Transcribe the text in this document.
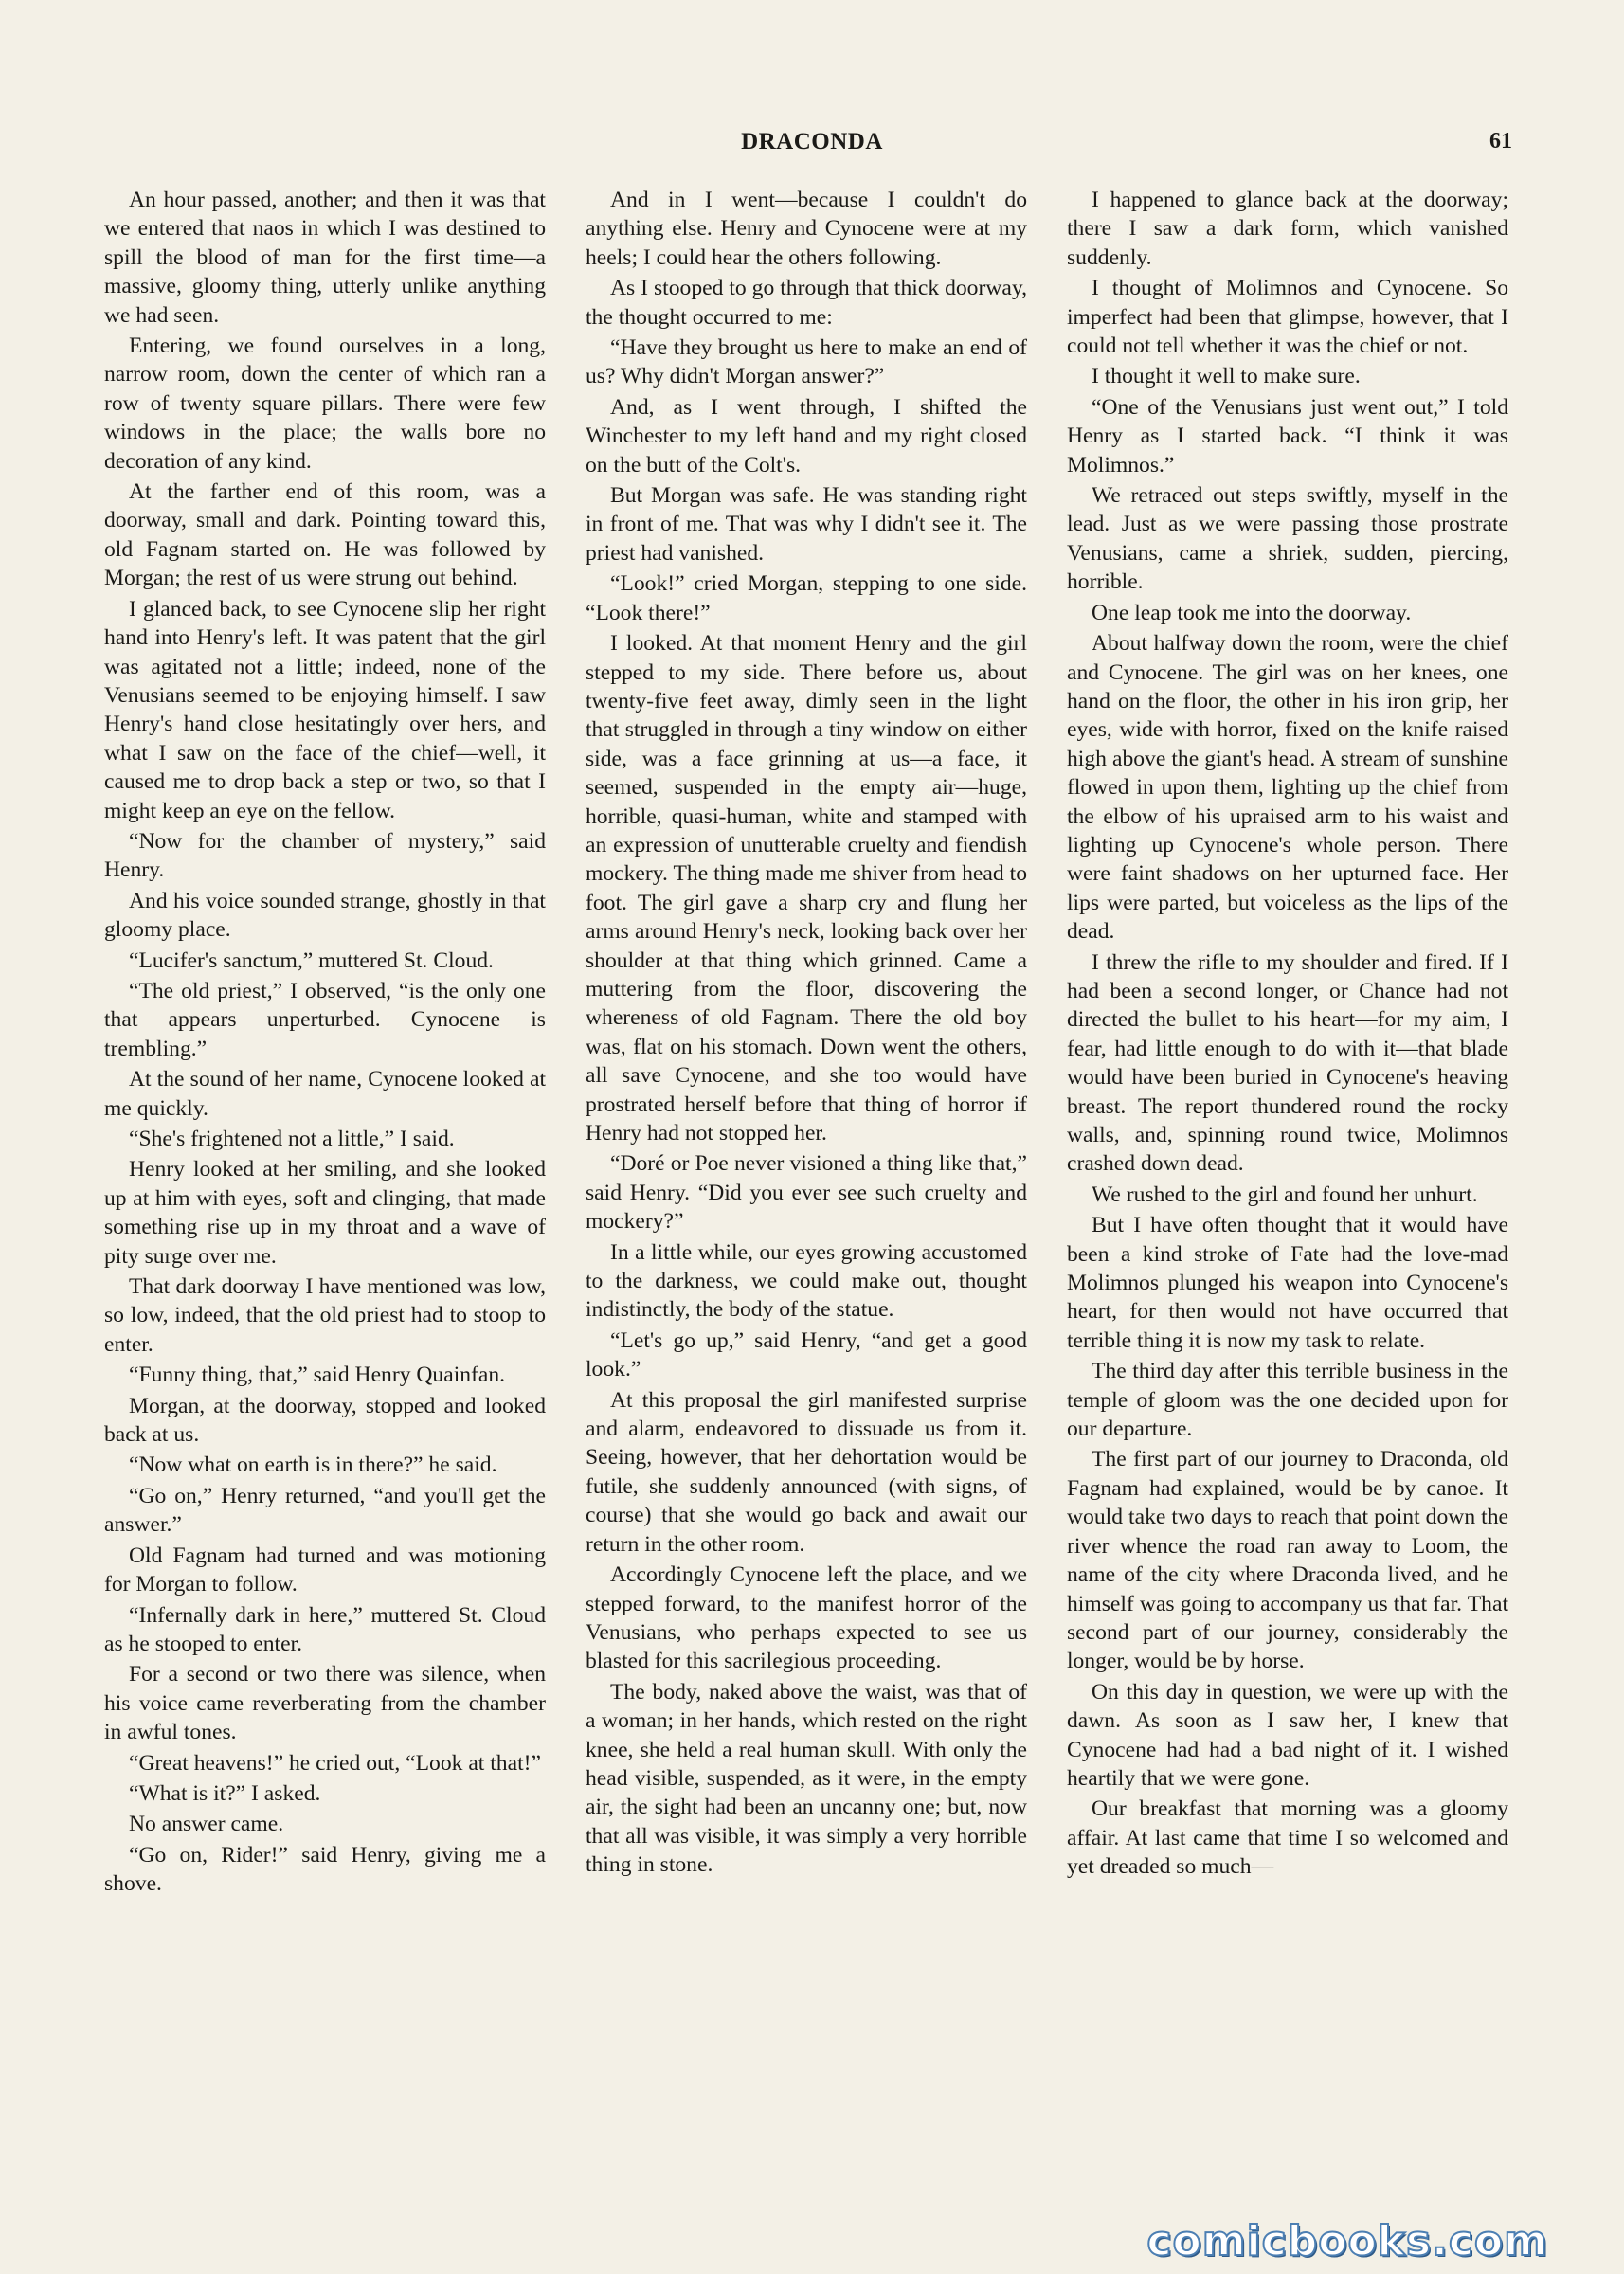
DRACONDA	61

An hour passed, another; and then it was that we entered that naos in which I was destined to spill the blood of man for the first time—a massive, gloomy thing, utterly unlike anything we had seen.

Entering, we found ourselves in a long, narrow room, down the center of which ran a row of twenty square pillars. There were few windows in the place; the walls bore no decoration of any kind.

At the farther end of this room, was a doorway, small and dark. Pointing toward this, old Fagnam started on. He was followed by Morgan; the rest of us were strung out behind.

I glanced back, to see Cynocene slip her right hand into Henry's left. It was patent that the girl was agitated not a little; indeed, none of the Venusians seemed to be enjoying himself. I saw Henry's hand close hesitatingly over hers, and what I saw on the face of the chief—well, it caused me to drop back a step or two, so that I might keep an eye on the fellow.

“Now for the chamber of mystery,” said Henry.

And his voice sounded strange, ghostly in that gloomy place.

“Lucifer's sanctum,” muttered St. Cloud.

“The old priest,” I observed, “is the only one that appears unperturbed. Cynocene is trembling.”

At the sound of her name, Cynocene looked at me quickly.

“She's frightened not a little,” I said.

Henry looked at her smiling, and she looked up at him with eyes, soft and clinging, that made something rise up in my throat and a wave of pity surge over me.

That dark doorway I have mentioned was low, so low, indeed, that the old priest had to stoop to enter.

“Funny thing, that,” said Henry Quainfan.

Morgan, at the doorway, stopped and looked back at us.

“Now what on earth is in there?” he said.

“Go on,” Henry returned, “and you'll get the answer.”

Old Fagnam had turned and was motioning for Morgan to follow.

“Infernally dark in here,” muttered St. Cloud as he stooped to enter.

For a second or two there was silence, when his voice came reverberating from the chamber in awful tones.

“Great heavens!” he cried out, “Look at that!”

“What is it?” I asked.

No answer came.

“Go on, Rider!” said Henry, giving me a shove.

And in I went—because I couldn't do anything else. Henry and Cynocene were at my heels; I could hear the others following.

As I stooped to go through that thick doorway, the thought occurred to me:

“Have they brought us here to make an end of us? Why didn't Morgan answer?”

And, as I went through, I shifted the Winchester to my left hand and my right closed on the butt of the Colt's.

But Morgan was safe. He was standing right in front of me. That was why I didn't see it. The priest had vanished.

“Look!” cried Morgan, stepping to one side. “Look there!”

I looked. At that moment Henry and the girl stepped to my side. There before us, about twenty-five feet away, dimly seen in the light that struggled in through a tiny window on either side, was a face grinning at us—a face, it seemed, suspended in the empty air—huge, horrible, quasi-human, white and stamped with an expression of unutterable cruelty and fiendish mockery. The thing made me shiver from head to foot. The girl gave a sharp cry and flung her arms around Henry's neck, looking back over her shoulder at that thing which grinned. Came a muttering from the floor, discovering the whereness of old Fagnam. There the old boy was, flat on his stomach. Down went the others, all save Cynocene, and she too would have prostrated herself before that thing of horror if Henry had not stopped her.

“Doré or Poe never visioned a thing like that,” said Henry. “Did you ever see such cruelty and mockery?”

In a little while, our eyes growing accustomed to the darkness, we could make out, thought indistinctly, the body of the statue.

“Let's go up,” said Henry, “and get a good look.”

At this proposal the girl manifested surprise and alarm, endeavored to dissuade us from it. Seeing, however, that her dehortation would be futile, she suddenly announced (with signs, of course) that she would go back and await our return in the other room.

Accordingly Cynocene left the place, and we stepped forward, to the manifest horror of the Venusians, who perhaps expected to see us blasted for this sacrilegious proceeding.

The body, naked above the waist, was that of a woman; in her hands, which rested on the right knee, she held a real human skull. With only the head visible, suspended, as it were, in the empty air, the sight had been an uncanny one; but, now that all was visible, it was simply a very horrible thing in stone.

I happened to glance back at the doorway; there I saw a dark form, which vanished suddenly.

I thought of Molimnos and Cynocene. So imperfect had been that glimpse, however, that I could not tell whether it was the chief or not.

I thought it well to make sure.

“One of the Venusians just went out,” I told Henry as I started back. “I think it was Molimnos.”

We retraced out steps swiftly, myself in the lead. Just as we were passing those prostrate Venusians, came a shriek, sudden, piercing, horrible.

One leap took me into the doorway.

About halfway down the room, were the chief and Cynocene. The girl was on her knees, one hand on the floor, the other in his iron grip, her eyes, wide with horror, fixed on the knife raised high above the giant's head. A stream of sunshine flowed in upon them, lighting up the chief from the elbow of his upraised arm to his waist and lighting up Cynocene's whole person. There were faint shadows on her upturned face. Her lips were parted, but voiceless as the lips of the dead.

I threw the rifle to my shoulder and fired. If I had been a second longer, or Chance had not directed the bullet to his heart—for my aim, I fear, had little enough to do with it—that blade would have been buried in Cynocene's heaving breast. The report thundered round the rocky walls, and, spinning round twice, Molimnos crashed down dead.

We rushed to the girl and found her unhurt.

But I have often thought that it would have been a kind stroke of Fate had the love-mad Molimnos plunged his weapon into Cynocene's heart, for then would not have occurred that terrible thing it is now my task to relate.

The third day after this terrible business in the temple of gloom was the one decided upon for our departure.

The first part of our journey to Draconda, old Fagnam had explained, would be by canoe. It would take two days to reach that point down the river whence the road ran away to Loom, the name of the city where Draconda lived, and he himself was going to accompany us that far. That second part of our journey, considerably the longer, would be by horse.

On this day in question, we were up with the dawn. As soon as I saw her, I knew that Cynocene had had a bad night of it. I wished heartily that we were gone.

Our breakfast that morning was a gloomy affair. At last came that time I so welcomed and yet dreaded so much—

comicbooks.com
